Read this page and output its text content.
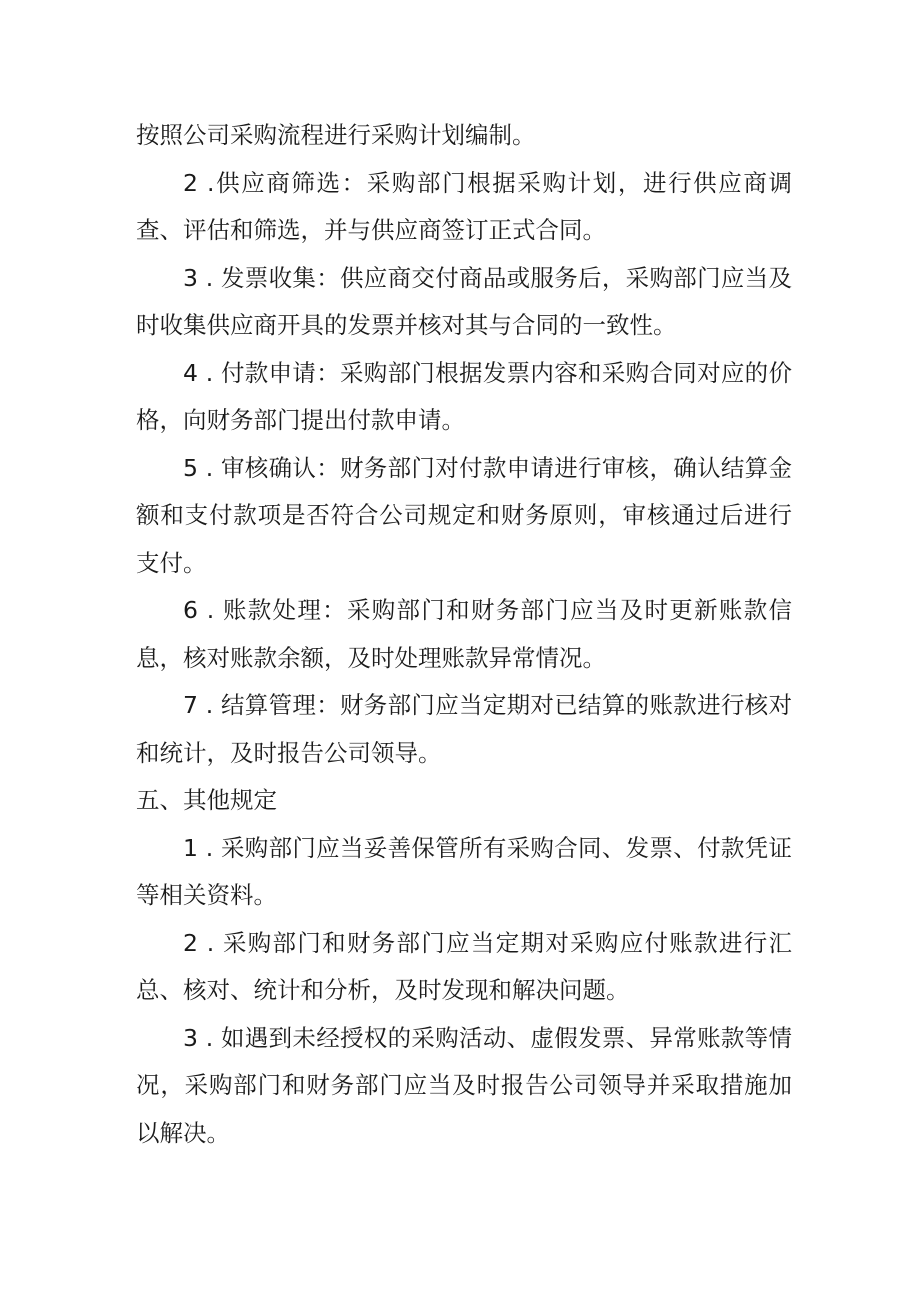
按照公司采购流程进行采购计划编制。

2 .供应商筛选：采购部门根据采购计划，进行供应商调查、评估和筛选，并与供应商签订正式合同。

3 . 发票收集：供应商交付商品或服务后，采购部门应当及时收集供应商开具的发票并核对其与合同的一致性。

4 . 付款申请：采购部门根据发票内容和采购合同对应的价格，向财务部门提出付款申请。

5 . 审核确认：财务部门对付款申请进行审核，确认结算金额和支付款项是否符合公司规定和财务原则，审核通过后进行支付。

6 . 账款处理：采购部门和财务部门应当及时更新账款信息，核对账款余额，及时处理账款异常情况。

7 . 结算管理：财务部门应当定期对已结算的账款进行核对和统计，及时报告公司领导。

五、其他规定

1 . 采购部门应当妥善保管所有采购合同、发票、付款凭证等相关资料。

2 . 采购部门和财务部门应当定期对采购应付账款进行汇总、核对、统计和分析，及时发现和解决问题。

3 . 如遇到未经授权的采购活动、虚假发票、异常账款等情况，采购部门和财务部门应当及时报告公司领导并采取措施加以解决。
